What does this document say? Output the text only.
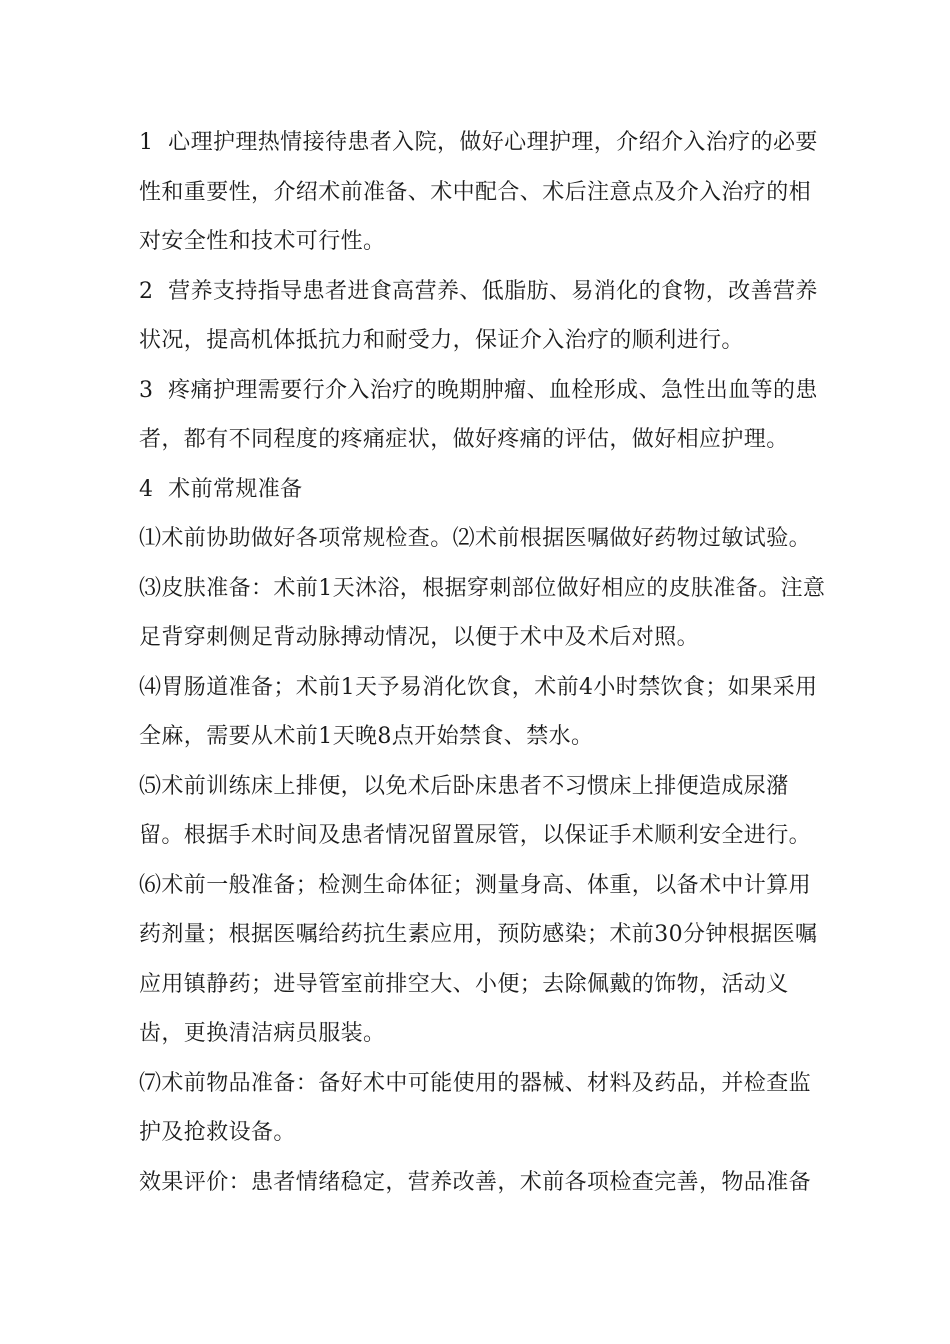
1  心理护理热情接待患者入院，做好心理护理，介绍介入治疗的必要性和重要性，介绍术前准备、术中配合、术后注意点及介入治疗的相对安全性和技术可行性。

2  营养支持指导患者进食高营养、低脂肪、易消化的食物，改善营养状况，提高机体抵抗力和耐受力，保证介入治疗的顺利进行。

3  疼痛护理需要行介入治疗的晚期肿瘤、血栓形成、急性出血等的患者，都有不同程度的疼痛症状，做好疼痛的评估，做好相应护理。

4  术前常规准备

⑴术前协助做好各项常规检查。⑵术前根据医嘱做好药物过敏试验。

⑶皮肤准备：术前1天沐浴，根据穿刺部位做好相应的皮肤准备。注意足背穿刺侧足背动脉搏动情况，以便于术中及术后对照。

⑷胃肠道准备；术前1天予易消化饮食，术前4小时禁饮食；如果采用全麻，需要从术前1天晚8点开始禁食、禁水。

⑸术前训练床上排便，以免术后卧床患者不习惯床上排便造成尿潴留。根据手术时间及患者情况留置尿管，以保证手术顺利安全进行。

⑹术前一般准备；检测生命体征；测量身高、体重，以备术中计算用药剂量；根据医嘱给药抗生素应用，预防感染；术前30分钟根据医嘱应用镇静药；进导管室前排空大、小便；去除佩戴的饰物，活动义齿，更换清洁病员服装。

⑺术前物品准备：备好术中可能使用的器械、材料及药品，并检查监护及抢救设备。

效果评价：患者情绪稳定，营养改善，术前各项检查完善，物品准备
